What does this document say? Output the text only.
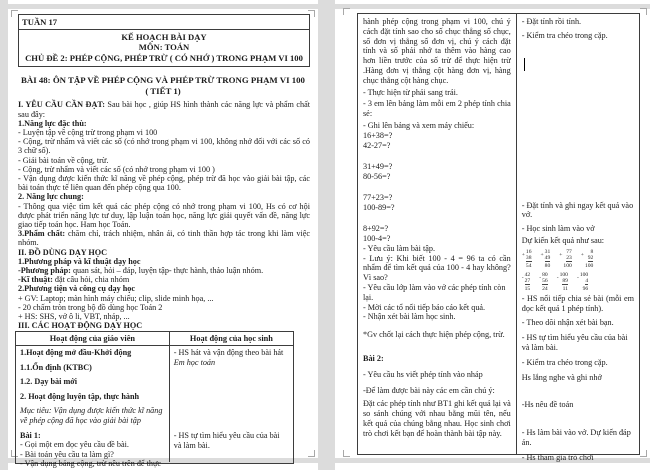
TUẦN 17
KẾ HOẠCH BÀI DẠY
MÔN: TOÁN
CHỦ ĐỀ 2: PHÉP CỘNG, PHÉP TRỪ ( CÓ NHỚ ) TRONG PHẠM VI 100
BÀI 48: ÔN TẬP VỀ PHÉP CỘNG VÀ PHÉP TRỪ TRONG PHẠM VI 100
( TIẾT 1)

I. YÊU CẦU CẦN ĐẠT: Sau bài học , giúp HS hình thành các năng lực và phẩm chất sau đây:

1.Năng lực đặc thù:

- Luyện tập về cộng trừ trong phạm vi 100

- Cộng, trừ nhẩm và viết các số (có nhớ trong phạm vi 100, không nhớ đối với các số có 3 chữ số).

- Giải bài toán về cộng, trừ.

- Cộng, trừ nhẩm và viết các số (có nhớ trong phạm vi 100 )

- Vận dụng được kiến thức kĩ năng về phép cộng, phép trừ đã học vào giải bài tập, các bài toán thực tế liên quan đến phép cộng qua 100.

2. Năng lực chung:

- Thông qua việc tìm kết quả các phép cộng có nhớ trong phạm vi 100, Hs có cơ hội được phát triển năng lực tư duy, lập luận toán học, năng lực giải quyết vấn đề, năng lực giao tiếp toán học. Ham học Toán.

3.Phẩm chất: chăm chỉ, trách nhiệm, nhân ái, có tinh thần hợp tác trong khi làm việc nhóm.

II. ĐỒ DÙNG DẠY HỌC

1.Phương pháp và kĩ thuật dạy học

-Phương pháp: quan sát, hỏi – đáp, luyện tập- thực hành, thảo luận nhóm.

-Kĩ thuật: đặt câu hỏi, chia nhóm

2.Phương tiện và công cụ dạy học

+ GV: Laptop; màn hình máy chiếu; clip, slide minh họa, ...

- 20 chấm tròn trong bộ đồ dùng học Toán 2

+ HS: SHS, vở ô li, VBT, nháp, ...

III. CÁC HOẠT ĐỘNG DẠY HỌC

Hoạt động của giáo viên	Hoạt động của học sinh

1.Hoạt động mở đầu-Khởi động

1.1.Ổn định (KTBC)

1.2. Dạy bài mới

2. Hoạt động luyện tập, thực hành

Mục tiêu: Vận dụng được kiến thức kĩ năng về phép cộng đã học vào giải bài tập

Bài 1:

- Gọi một em đọc yêu cầu đề bài.

- Bài toán yêu cầu ta làm gì?

- Vận dụng bảng cộng, trừ nêu trên để thực

- HS hát và vận động theo bài hát Em học toán

- HS tự tìm hiểu yêu cầu của bài và làm bài.

hành phép cộng trong phạm vi 100, chú ý cách đặt tính sao cho số chục thẳng số chục, số đơn vị thẳng số đơn vị, chú ý cách đặt tính và số phải nhớ ta thêm vào hàng cao hơn liền trước của số trừ để thực hiện trừ .Hàng đơn vị thẳng cột hàng đơn vị, hàng chục thẳng cột hàng chục.

- Thực hiện từ phải sang trái.

- 3 em lên bảng làm mỗi em 2 phép tính chia sẻ:

- Ghi lên bảng và xem máy chiếu:

16+38=?

42-27=?

31+49=?

80-56=?

77+23=?

100-89=?

8+92=?

100-4=?

- Yêu cầu làm bài tập.

- Lưu ý: Khi biết 100 - 4 = 96 ta có cần nhẩm để tìm kết quả của 100 - 4 hay không? Vì sao?

- Yêu cầu lớp làm vào vở các phép tính còn lại.

- Mời các tổ nối tiếp báo cáo kết quả.

- Nhận xét bài làm học sinh.

*Gv chốt lại cách thực hiện phép cộng, trừ.

Bài 2:

- Yêu cầu hs viết phép tính vào nháp

-Để làm được bài này các em cần chú ý:

Đặt các phép tính như BT1 ghi kết quả lại và so sánh chúng với nhau bằng mũi tên, nếu kết quả của chúng bằng nhau. Học sinh chơi trò chơi kết bạn để hoàn thành bài tập này.

- Đặt tính rồi tính.

- Kiểm tra chéo trong cặp.

- Đặt tính và ghi ngay kết quả vào vở.

- Học sinh làm vào vở

Dự kiến kết quả như sau:

+ 16
38
54
+ 31
49
80
+ 77
23
100
+ 8
92
100
- 42
27
15
- 80
56
24
- 100
89
11
- 100
4
96

- HS nối tiếp chia sẻ bài (mỗi em đọc kết quả 1 phép tính).

- Theo dõi nhận xét bài bạn.

- HS tự tìm hiểu yêu cầu của bài và làm bài.

- Kiểm tra chéo trong cặp.

Hs lắng nghe và ghi nhớ

-Hs nêu đề toán

- Hs làm bài vào vở. Dự kiến đáp án.

- Hs tham gia trò chơi
